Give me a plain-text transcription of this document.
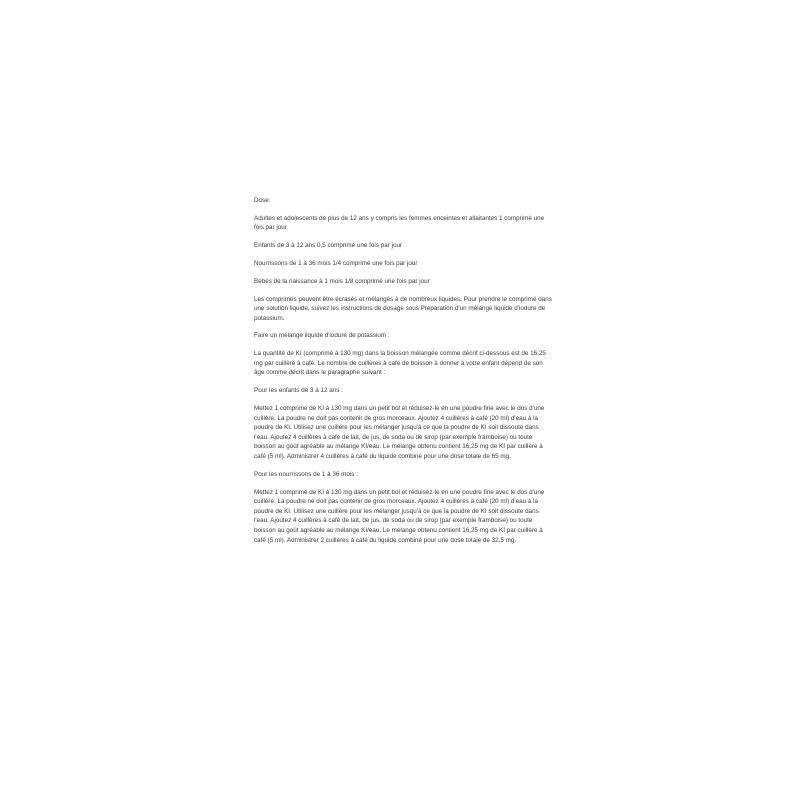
Dose:

Adultes et adolescents de plus de 12 ans y compris les femmes enceintes et allaitantes 1 comprimé une fois par jour

Enfants de 3 à 12 ans 0,5 comprimé une fois par jour

Nourrissons de 1 à 36 mois 1/4 comprimé une fois par jour

Bébés de la naissance à 1 mois 1/8 comprimé une fois par jour

Les comprimés peuvent être écrasés et mélangés à de nombreux liquides. Pour prendre le comprimé dans une solution liquide, suivez les instructions de dosage sous Préparation d'un mélange liquide d'iodure de potassium.

Faire un mélange liquide d'iodure de potassium :

La quantité de KI (comprimé à 130 mg) dans la boisson mélangée comme décrit ci-dessous est de 16,25 mg par cuillère à café. Le nombre de cuillères à café de boisson à donner à votre enfant dépend de son âge comme décrit dans le paragraphe suivant :

Pour les enfants de 3 à 12 ans :

Mettez 1 comprimé de KI à 130 mg dans un petit bol et réduisez-le en une poudre fine avec le dos d'une cuillère. La poudre ne doit pas contenir de gros morceaux. Ajoutez 4 cuillères à café (20 ml) d'eau à la poudre de KI. Utilisez une cuillère pour les mélanger jusqu'à ce que la poudre de KI soit dissoute dans l'eau. Ajoutez 4 cuillères à café de lait, de jus, de soda ou de sirop (par exemple framboise) ou toute boisson au goût agréable au mélange KI/eau. Le mélange obtenu contient 16,25 mg de KI par cuillère à café (5 ml). Administrer 4 cuillères à café du liquide combiné pour une dose totale de 65 mg.

Pour les nourrissons de 1 à 36 mois :

Mettez 1 comprimé de KI à 130 mg dans un petit bol et réduisez-le en une poudre fine avec le dos d'une cuillère. La poudre ne doit pas contenir de gros morceaux. Ajoutez 4 cuillères à café (20 ml) d'eau à la poudre de KI. Utilisez une cuillère pour les mélanger jusqu'à ce que la poudre de KI soit dissoute dans l'eau. Ajoutez 4 cuillères à café de lait, de jus, de soda ou de sirop (par exemple framboise) ou toute boisson au goût agréable au mélange KI/eau. Le mélange obtenu contient 16,25 mg de KI par cuillère à café (5 ml). Administrer 2 cuillères à café du liquide combiné pour une dose totale de 32,5 mg.
